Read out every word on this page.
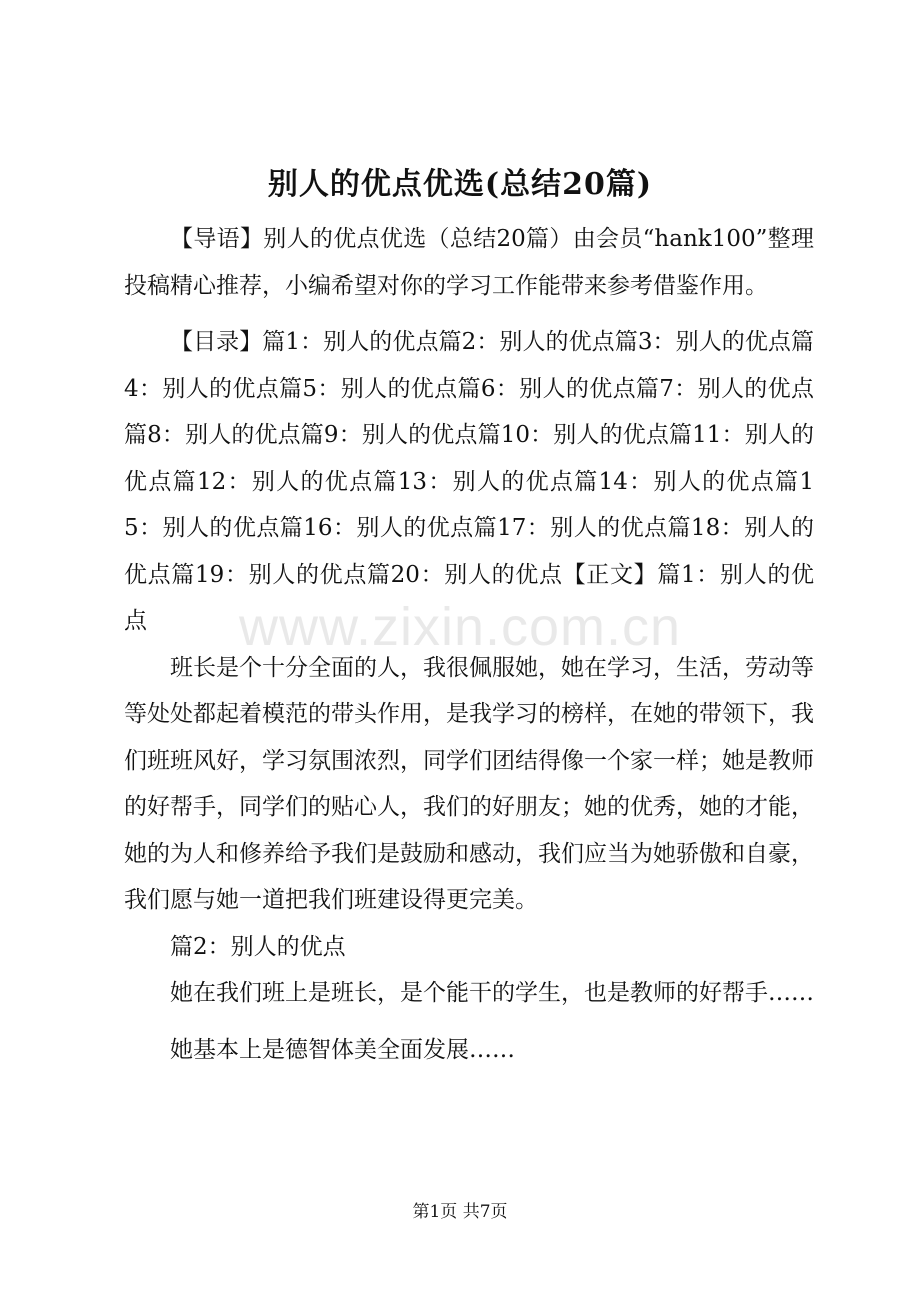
别人的优点优选(总结20篇)

【导语】别人的优点优选（总结20篇）由会员“hank100”整理投稿精心推荐，小编希望对你的学习工作能带来参考借鉴作用。

【目录】篇1：别人的优点篇2：别人的优点篇3：别人的优点篇4：别人的优点篇5：别人的优点篇6：别人的优点篇7：别人的优点篇8：别人的优点篇9：别人的优点篇10：别人的优点篇11：别人的优点篇12：别人的优点篇13：别人的优点篇14：别人的优点篇15：别人的优点篇16：别人的优点篇17：别人的优点篇18：别人的优点篇19：别人的优点篇20：别人的优点【正文】篇1：别人的优点

班长是个十分全面的人，我很佩服她，她在学习，生活，劳动等等处处都起着模范的带头作用，是我学习的榜样，在她的带领下，我们班班风好，学习氛围浓烈，同学们团结得像一个家一样；她是教师的好帮手，同学们的贴心人，我们的好朋友；她的优秀，她的才能，她的为人和修养给予我们是鼓励和感动，我们应当为她骄傲和自豪，我们愿与她一道把我们班建设得更完美。

篇2：别人的优点

她在我们班上是班长，是个能干的学生，也是教师的好帮手……

她基本上是德智体美全面发展……

www.zixin.com.cn
第1页 共7页
